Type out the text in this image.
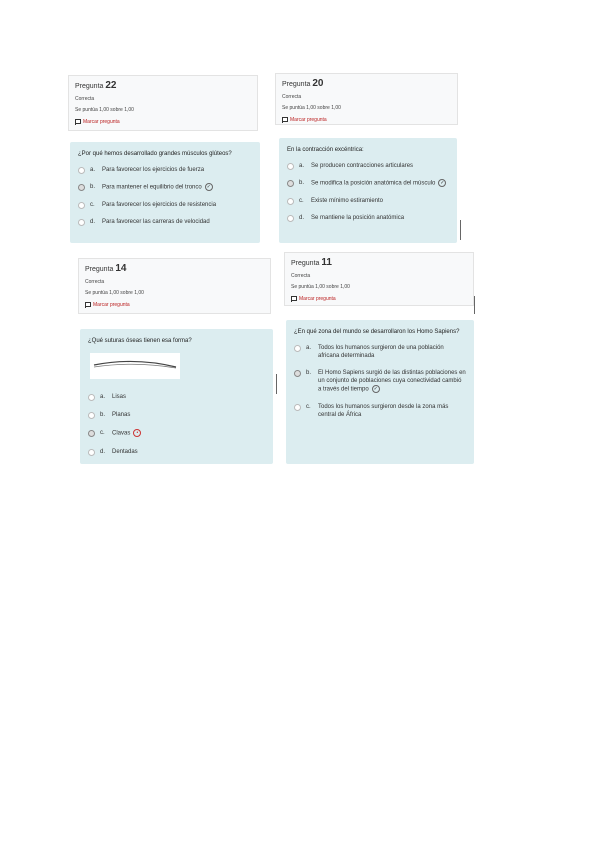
Pregunta 22
Correcta
Se puntúa 1,00 sobre 1,00
Marcar pregunta
Pregunta 20
Correcta
Se puntúa 1,00 sobre 1,00
Marcar pregunta
¿Por qué hemos desarrollado grandes músculos glúteos?
a.	Para favorecer los ejercicios de fuerza
b.	Para mantener el equilibrio del tronco ✓
c.	Para favorecer los ejercicios de resistencia
d.	Para favorecer las carreras de velocidad
En la contracción excéntrica:
a.	Se producen contracciones articulares
b.	Se modifica la posición anatómica del músculo ✓
c.	Existe mínimo estiramiento
d.	Se mantiene la posición anatómica
Pregunta 14
Correcta
Se puntúa 1,00 sobre 1,00
Marcar pregunta
Pregunta 11
Correcta
Se puntúa 1,00 sobre 1,00
Marcar pregunta
¿Qué suturas óseas tienen esa forma?
a.	Lisas
b.	Planas
c.	Clavas •
d.	Dentadas
¿En qué zona del mundo se desarrollaron los Homo Sapiens?
a.	Todos los humanos surgieron de una población africana determinada
b.	El Homo Sapiens surgió de las distintas poblaciones en un conjunto de poblaciones cuya conectividad cambió a través del tiempo ✓
c.	Todos los humanos surgieron desde la zona más central de África
